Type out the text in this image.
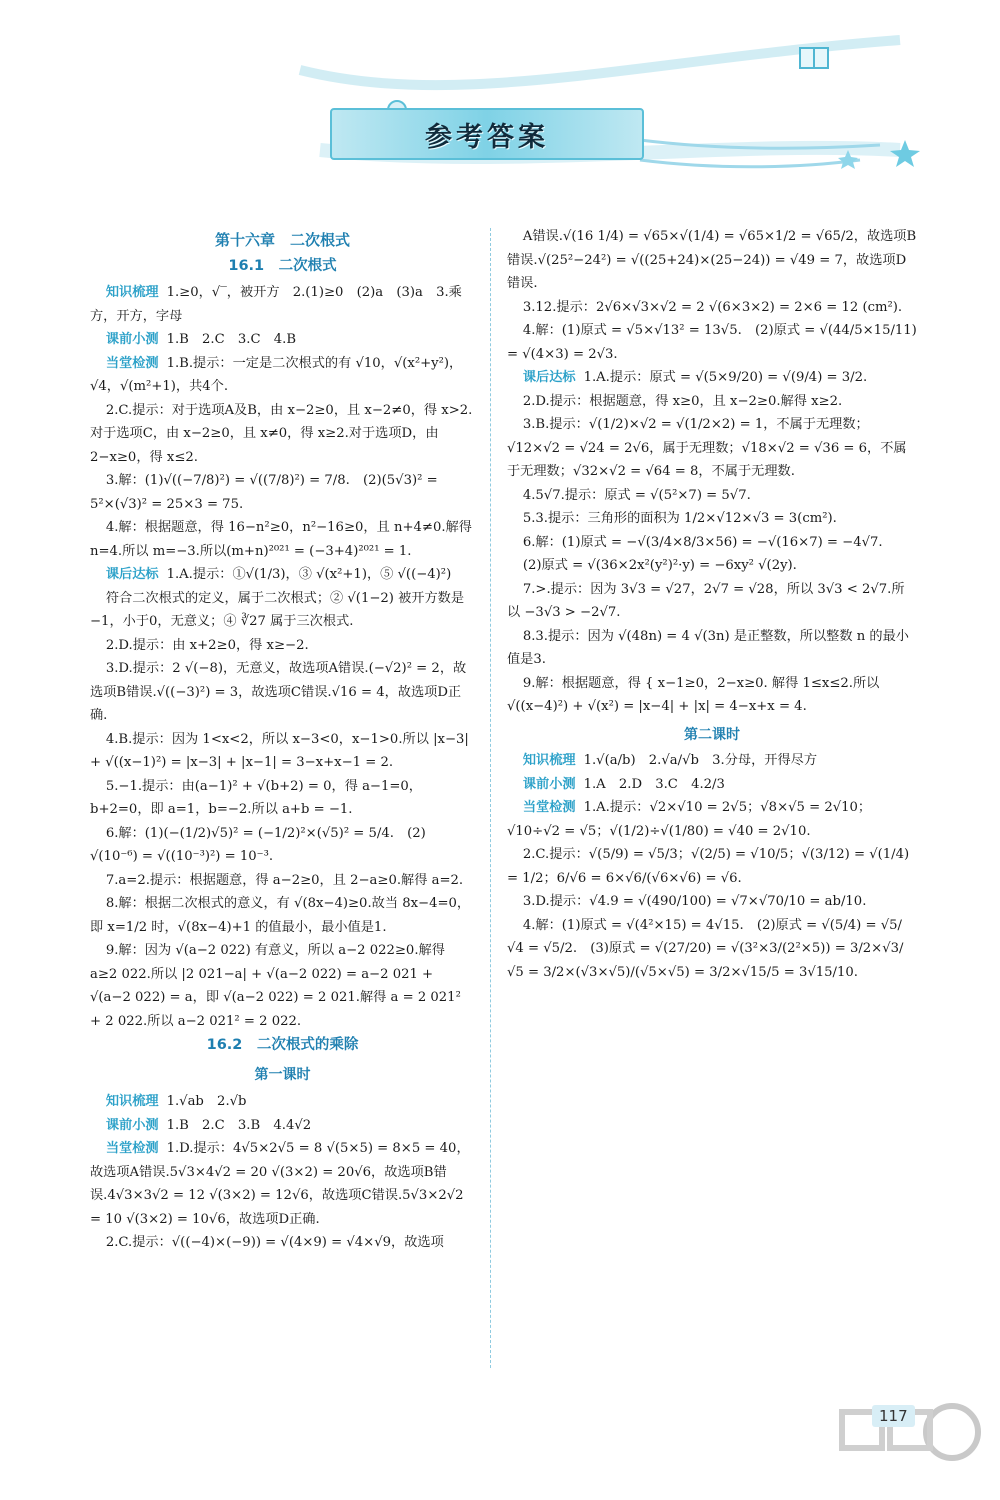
参考答案

第十六章　二次根式

16.1　二次根式

知识梳理 1.≥0，√‾，被开方　2.(1)≥0　(2)a　(3)a　3.乘方，开方，字母

课前小测 1.B　2.C　3.C　4.B

当堂检测 1.B.提示：一定是二次根式的有 √10，√(x²+y²)，√4，√(m²+1)，共4个.

2.C.提示：对于选项A及B，由 x−2≥0，且 x−2≠0，得 x>2.对于选项C，由 x−2≥0，且 x≠0，得 x≥2.对于选项D，由 2−x≥0，得 x≤2.

3.解：(1)√((−7/8)²) = √((7/8)²) = 7/8.　(2)(5√3)² = 5²×(√3)² = 25×3 = 75.

4.解：根据题意，得 16−n²≥0，n²−16≥0，且 n+4≠0.解得 n=4.所以 m=−3.所以(m+n)²⁰²¹ = (−3+4)²⁰²¹ = 1.

课后达标 1.A.提示：①√(1/3)，③ √(x²+1)，⑤ √((−4)²)

符合二次根式的定义，属于二次根式；② √(1−2) 被开方数是−1，小于0，无意义；④ ∛27 属于三次根式.

2.D.提示：由 x+2≥0，得 x≥−2.

3.D.提示：2 √(−8)，无意义，故选项A错误.(−√2)² = 2，故选项B错误.√((−3)²) = 3，故选项C错误.√16 = 4，故选项D正确.

4.B.提示：因为 1<x<2，所以 x−3<0，x−1>0.所以 |x−3| + √((x−1)²) = |x−3| + |x−1| = 3−x+x−1 = 2.

5.−1.提示：由(a−1)² + √(b+2) = 0，得 a−1=0，b+2=0，即 a=1，b=−2.所以 a+b = −1.

6.解：(1)(−(1/2)√5)² = (−1/2)²×(√5)² = 5/4.　(2) √(10⁻⁶) = √((10⁻³)²) = 10⁻³.

7.a=2.提示：根据题意，得 a−2≥0，且 2−a≥0.解得 a=2.

8.解：根据二次根式的意义，有 √(8x−4)≥0.故当 8x−4=0，即 x=1/2 时，√(8x−4)+1 的值最小，最小值是1.

9.解：因为 √(a−2 022) 有意义，所以 a−2 022≥0.解得 a≥2 022.所以 |2 021−a| + √(a−2 022) = a−2 021 + √(a−2 022) = a，即 √(a−2 022) = 2 021.解得 a = 2 021² + 2 022.所以 a−2 021² = 2 022.

16.2　二次根式的乘除

第一课时

知识梳理 1.√ab　2.√b

课前小测 1.B　2.C　3.B　4.4√2

当堂检测 1.D.提示：4√5×2√5 = 8 √(5×5) = 8×5 = 40，故选项A错误.5√3×4√2 = 20 √(3×2) = 20√6，故选项B错误.4√3×3√2 = 12 √(3×2) = 12√6，故选项C错误.5√3×2√2 = 10 √(3×2) = 10√6，故选项D正确.

2.C.提示：√((−4)×(−9)) = √(4×9) = √4×√9，故选项

A错误.√(16 1/4) = √65×√(1/4) = √65×1/2 = √65/2，故选项B错误.√(25²−24²) = √((25+24)×(25−24)) = √49 = 7，故选项D错误.

3.12.提示：2√6×√3×√2 = 2 √(6×3×2) = 2×6 = 12 (cm²).

4.解：(1)原式 = √5×√13² = 13√5.　(2)原式 = √(44/5×15/11) = √(4×3) = 2√3.

课后达标 1.A.提示：原式 = √(5×9/20) = √(9/4) = 3/2.

2.D.提示：根据题意，得 x≥0，且 x−2≥0.解得 x≥2.

3.B.提示：√(1/2)×√2 = √(1/2×2) = 1，不属于无理数；√12×√2 = √24 = 2√6，属于无理数；√18×√2 = √36 = 6，不属于无理数；√32×√2 = √64 = 8，不属于无理数.

4.5√7.提示：原式 = √(5²×7) = 5√7.

5.3.提示：三角形的面积为 1/2×√12×√3 = 3(cm²).

6.解：(1)原式 = −√(3/4×8/3×56) = −√(16×7) = −4√7.

(2)原式 = √(36×2x²(y²)²·y) = −6xy² √(2y).

7.>.提示：因为 3√3 = √27，2√7 = √28，所以 3√3 < 2√7.所以 −3√3 > −2√7.

8.3.提示：因为 √(48n) = 4 √(3n) 是正整数，所以整数 n 的最小值是3.

9.解：根据题意，得 { x−1≥0，2−x≥0. 解得 1≤x≤2.所以 √((x−4)²) + √(x²) = |x−4| + |x| = 4−x+x = 4.

第二课时

知识梳理 1.√(a/b)　2.√a/√b　3.分母，开得尽方

课前小测 1.A　2.D　3.C　4.2/3

当堂检测 1.A.提示：√2×√10 = 2√5；√8×√5 = 2√10；√10÷√2 = √5；√(1/2)÷√(1/80) = √40 = 2√10.

2.C.提示：√(5/9) = √5/3；√(2/5) = √10/5；√(3/12) = √(1/4) = 1/2；6/√6 = 6×√6/(√6×√6) = √6.

3.D.提示：√4.9 = √(490/100) = √7×√70/10 = ab/10.

4.解：(1)原式 = √(4²×15) = 4√15.　(2)原式 = √(5/4) = √5/√4 = √5/2.　(3)原式 = √(27/20) = √(3²×3/(2²×5)) = 3/2×√3/√5 = 3/2×(√3×√5)/(√5×√5) = 3/2×√15/5 = 3√15/10.

117
